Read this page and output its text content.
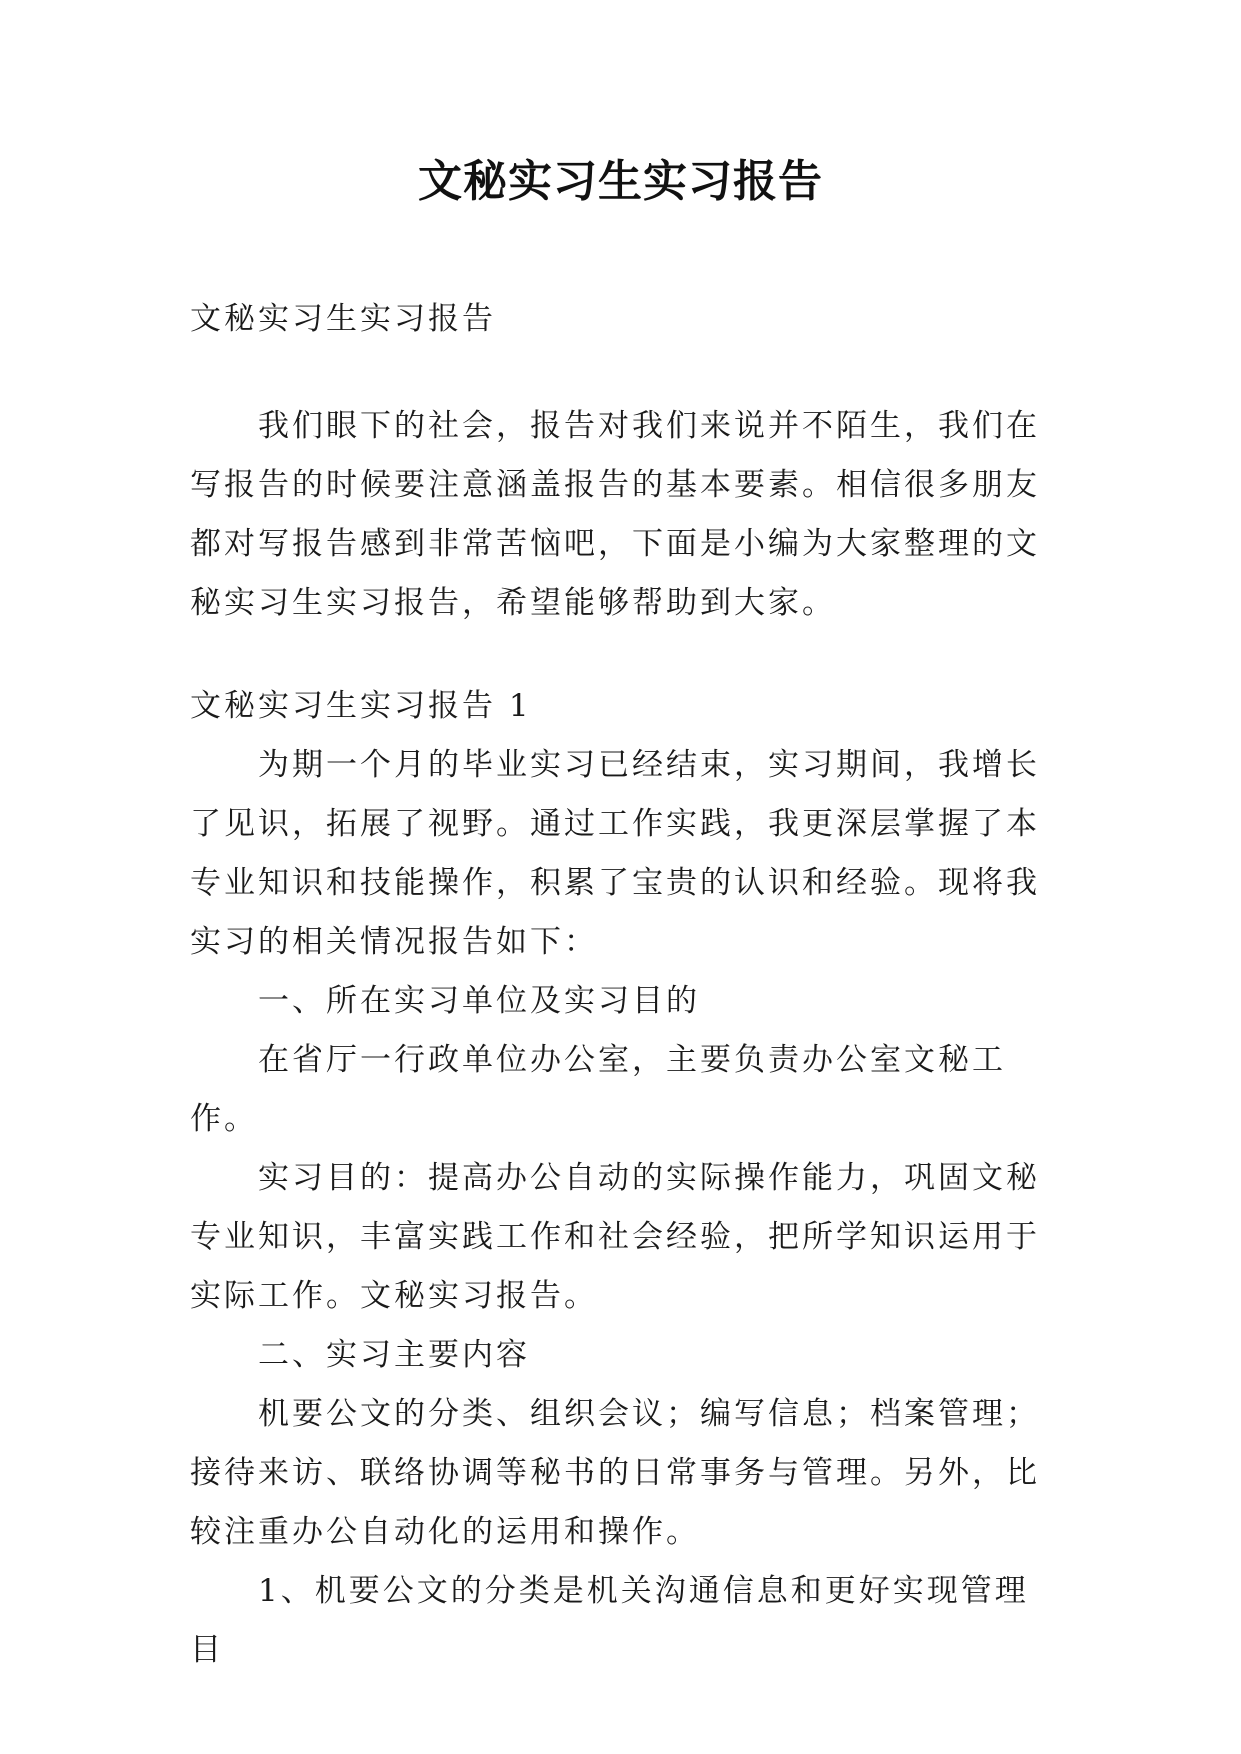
文秘实习生实习报告

文秘实习生实习报告

我们眼下的社会，报告对我们来说并不陌生，我们在写报告的时候要注意涵盖报告的基本要素。相信很多朋友都对写报告感到非常苦恼吧，下面是小编为大家整理的文秘实习生实习报告，希望能够帮助到大家。

文秘实习生实习报告 1

为期一个月的毕业实习已经结束，实习期间，我增长了见识，拓展了视野。通过工作实践，我更深层掌握了本专业知识和技能操作，积累了宝贵的认识和经验。现将我实习的相关情况报告如下：

一、所在实习单位及实习目的

在省厅一行政单位办公室，主要负责办公室文秘工作。

实习目的：提高办公自动的实际操作能力，巩固文秘专业知识，丰富实践工作和社会经验，把所学知识运用于实际工作。文秘实习报告。

二、实习主要内容

机要公文的分类、组织会议；编写信息；档案管理；接待来访、联络协调等秘书的日常事务与管理。另外，比较注重办公自动化的运用和操作。

1、机要公文的分类是机关沟通信息和更好实现管理目
